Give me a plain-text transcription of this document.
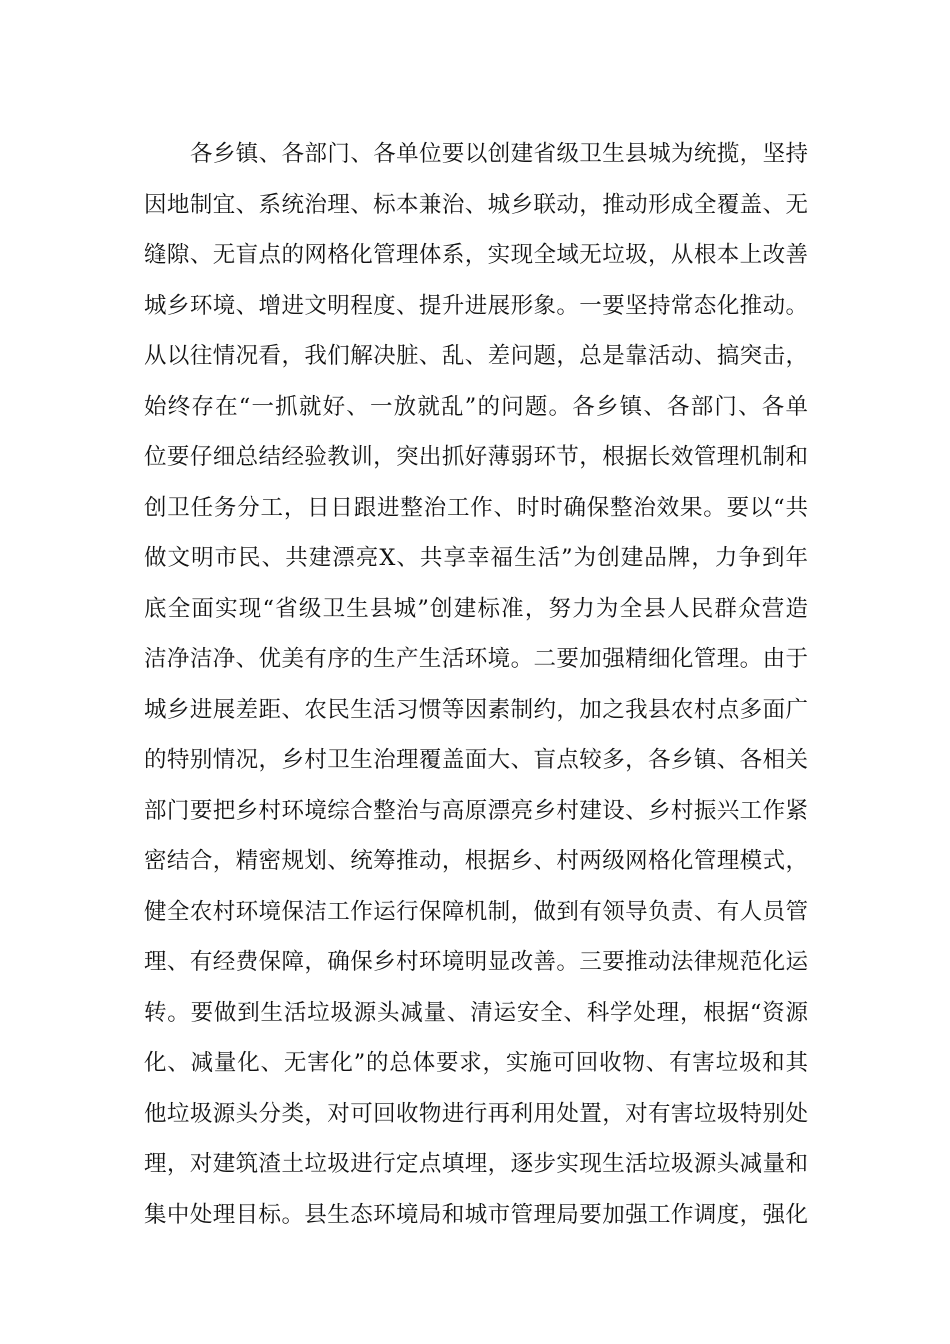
各乡镇、各部门、各单位要以创建省级卫生县城为统揽，坚持
因地制宜、系统治理、标本兼治、城乡联动，推动形成全覆盖、无
缝隙、无盲点的网格化管理体系，实现全域无垃圾，从根本上改善
城乡环境、增进文明程度、提升进展形象。一要坚持常态化推动。
从以往情况看，我们解决脏、乱、差问题，总是靠活动、搞突击，
始终存在“一抓就好、一放就乱”的问题。各乡镇、各部门、各单
位要仔细总结经验教训，突出抓好薄弱环节，根据长效管理机制和
创卫任务分工，日日跟进整治工作、时时确保整治效果。要以“共
做文明市民、共建漂亮X、共享幸福生活”为创建品牌，力争到年
底全面实现“省级卫生县城”创建标准，努力为全县人民群众营造
洁净洁净、优美有序的生产生活环境。二要加强精细化管理。由于
城乡进展差距、农民生活习惯等因素制约，加之我县农村点多面广
的特别情况，乡村卫生治理覆盖面大、盲点较多，各乡镇、各相关
部门要把乡村环境综合整治与高原漂亮乡村建设、乡村振兴工作紧
密结合，精密规划、统筹推动，根据乡、村两级网格化管理模式，
健全农村环境保洁工作运行保障机制，做到有领导负责、有人员管
理、有经费保障，确保乡村环境明显改善。三要推动法律规范化运
转。要做到生活垃圾源头减量、清运安全、科学处理，根据“资源
化、减量化、无害化”的总体要求，实施可回收物、有害垃圾和其
他垃圾源头分类，对可回收物进行再利用处置，对有害垃圾特别处
理，对建筑渣土垃圾进行定点填埋，逐步实现生活垃圾源头减量和
集中处理目标。县生态环境局和城市管理局要加强工作调度，强化
